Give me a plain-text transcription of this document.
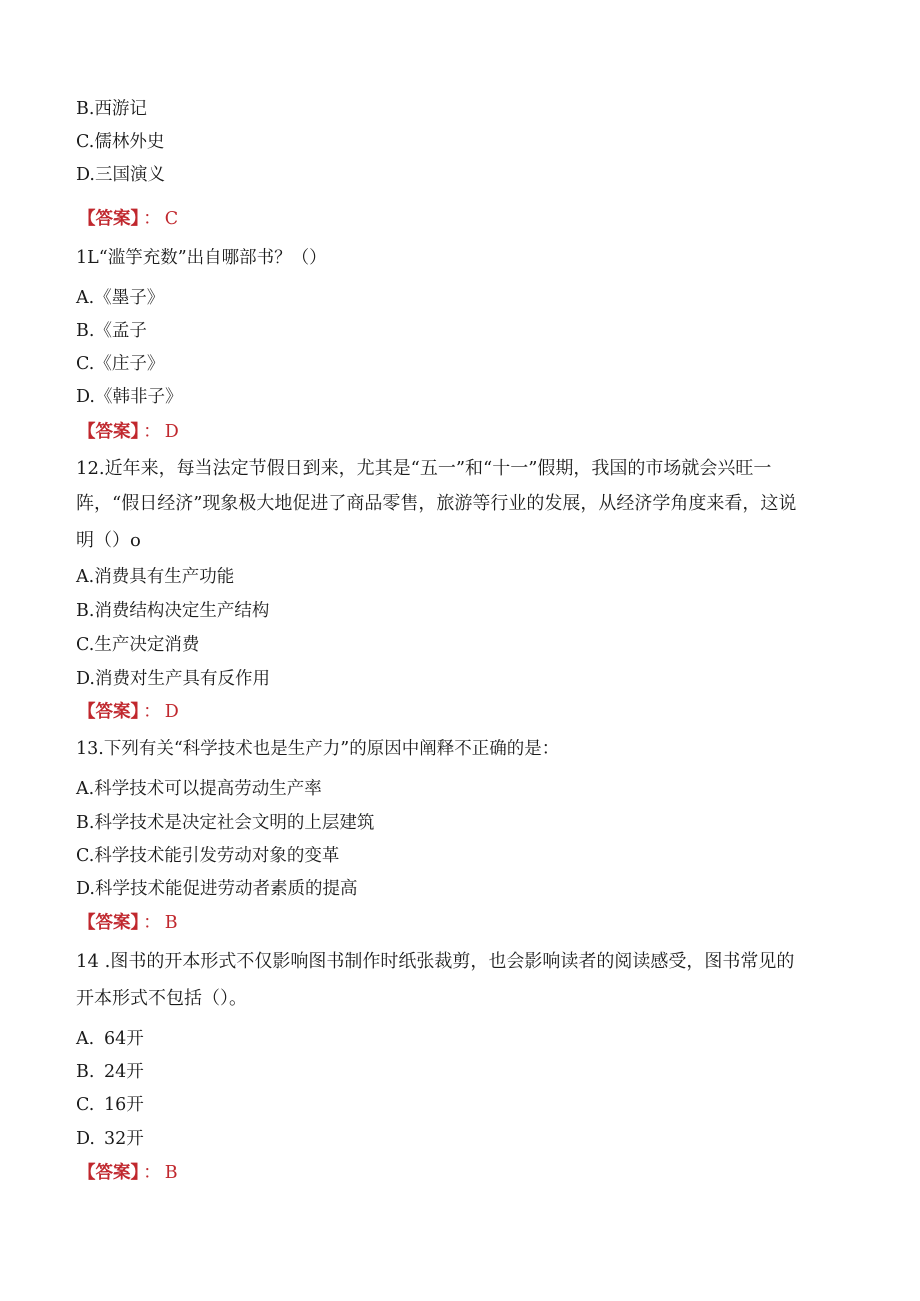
B.西游记
C.儒林外史
D.三国演义
【答案】 ： C
1L“滥竽充数”出自哪部书？（）
A.《墨子》
B.《孟子
C.《庄子》
D.《韩非子》
【答案】 ： D
12.近年来，每当法定节假日到来，尤其是“五一”和“十一”假期，我国的市场就会兴旺一
阵，“假日经济”现象极大地促进了商品零售，旅游等行业的发展，从经济学角度来看，这说
明（）o
A.消费具有生产功能
B.消费结构决定生产结构
C.生产决定消费
D.消费对生产具有反作用
【答案】 ： D
13.下列有关“科学技术也是生产力”的原因中阐释不正确的是：
A.科学技术可以提高劳动生产率
B.科学技术是决定社会文明的上层建筑
C.科学技术能引发劳动对象的变革
D.科学技术能促进劳动者素质的提高
【答案】 ： B
14 .图书的开本形式不仅影响图书制作时纸张裁剪，也会影响读者的阅读感受，图书常见的
开本形式不包括（）。
A. 64开
B. 24开
C. 16开
D. 32开
【答案】 ： B
